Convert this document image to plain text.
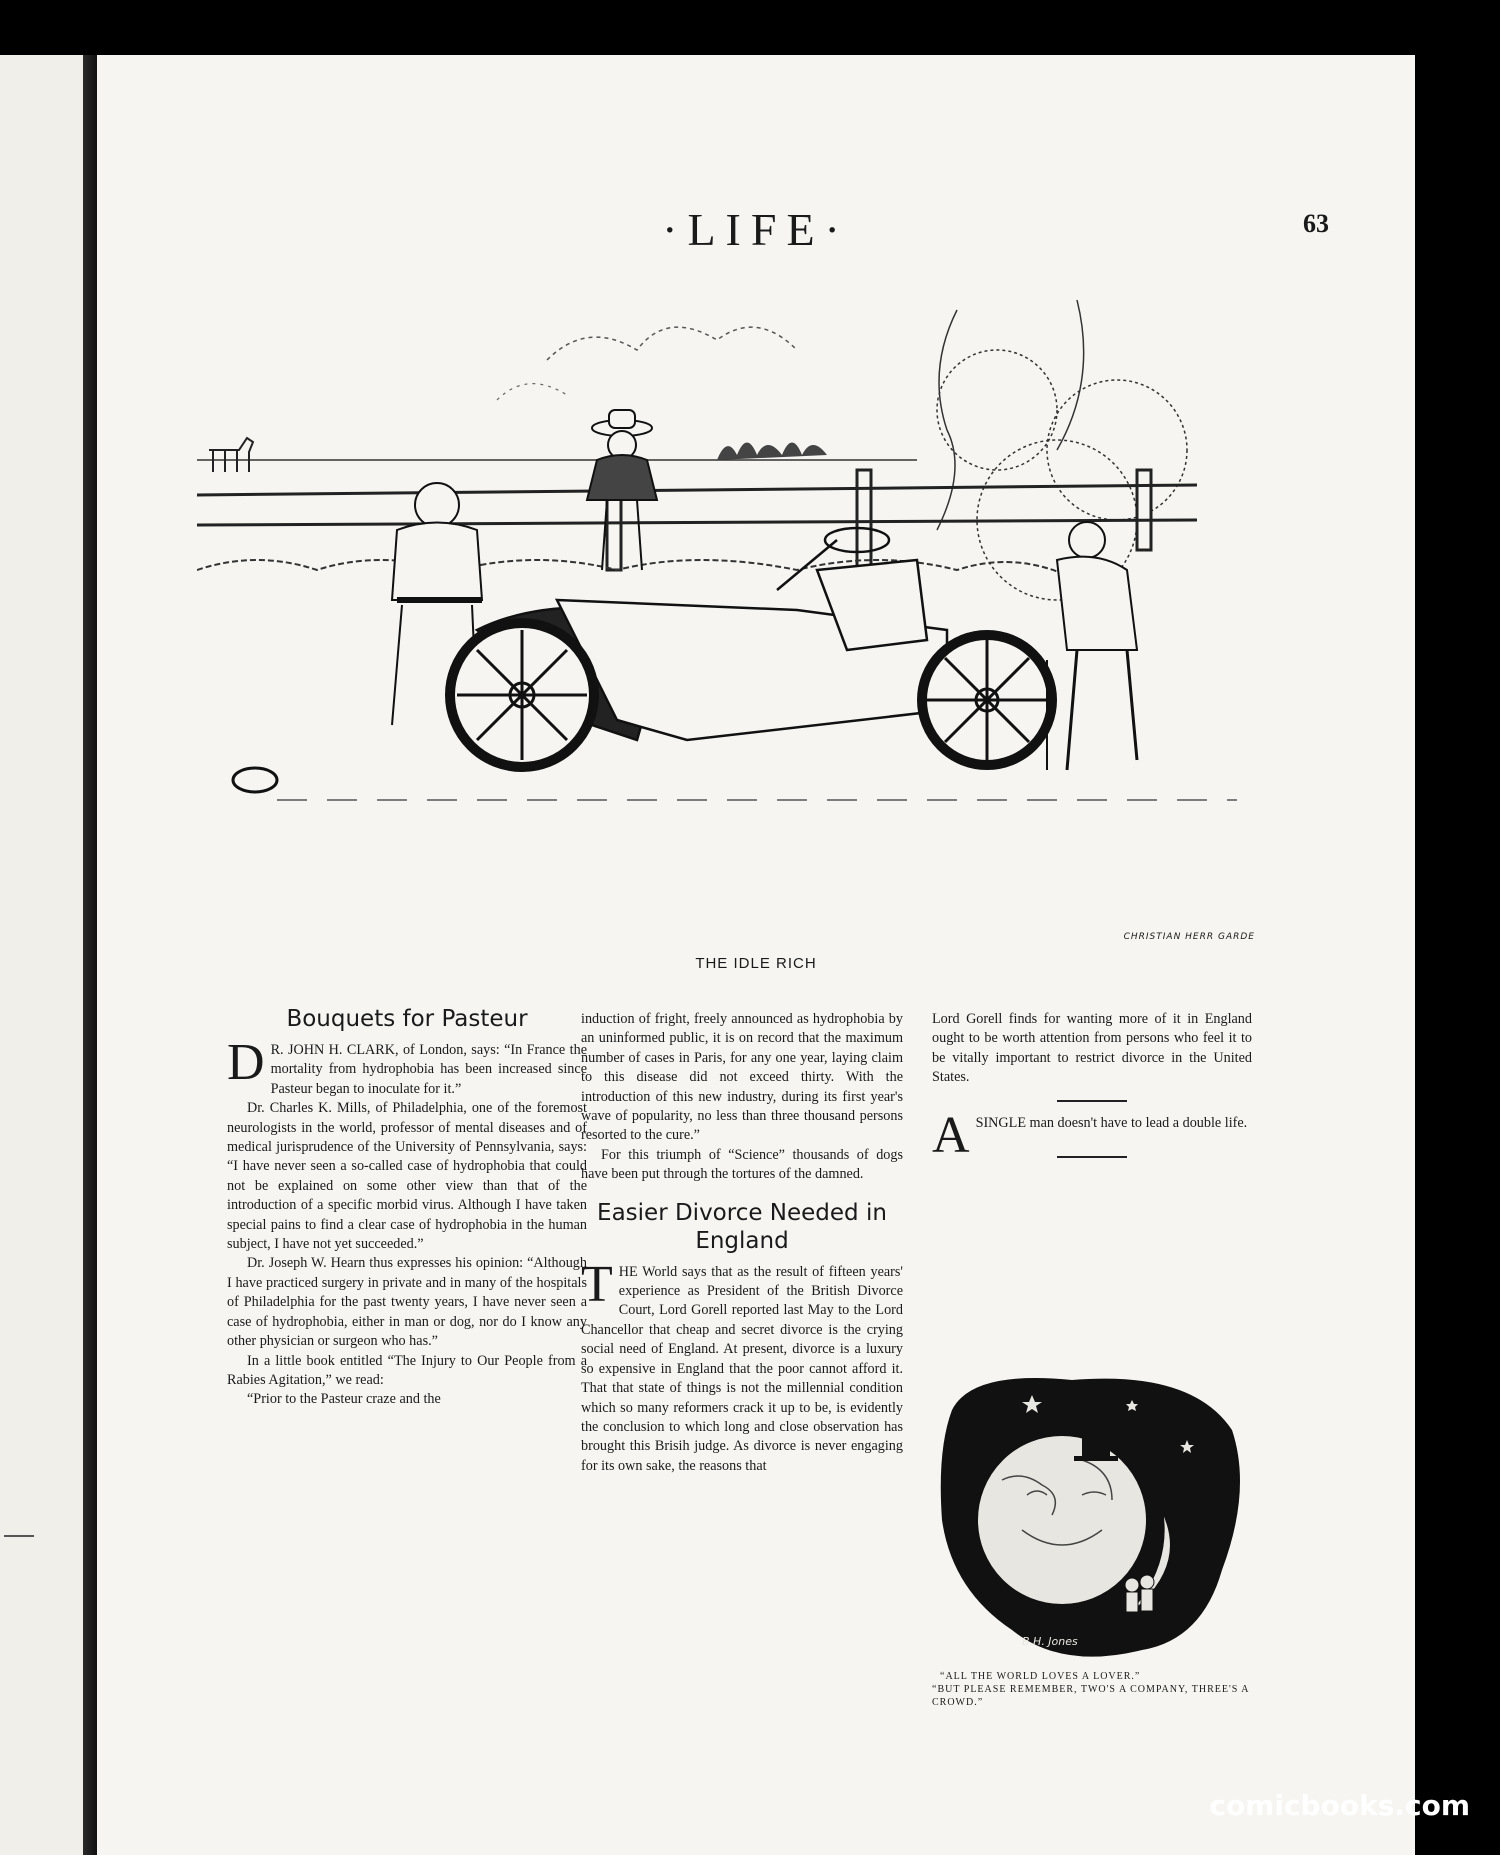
·LIFE·	63
CHRISTIAN HERR GARDE
THE IDLE RICH
Bouquets for Pasteur

D R. JOHN H. CLARK, of London, says: “In France the mortality from hydrophobia has been increased since Pasteur began to inoculate for it.”

Dr. Charles K. Mills, of Philadelphia, one of the foremost neurologists in the world, professor of mental diseases and of medical jurisprudence of the University of Pennsylvania, says: “I have never seen a so-called case of hydrophobia that could not be explained on some other view than that of the introduction of a specific morbid virus. Although I have taken special pains to find a clear case of hydrophobia in the human subject, I have not yet succeeded.”

Dr. Joseph W. Hearn thus expresses his opinion: “Although I have practiced surgery in private and in many of the hospitals of Philadelphia for the past twenty years, I have never seen a case of hydrophobia, either in man or dog, nor do I know any other physician or surgeon who has.”

In a little book entitled “The Injury to Our People from a Rabies Agitation,” we read:

“Prior to the Pasteur craze and the

induction of fright, freely announced as hydrophobia by an uninformed public, it is on record that the maximum number of cases in Paris, for any one year, laying claim to this disease did not exceed thirty. With the introduction of this new industry, during its first year's wave of popularity, no less than three thousand persons resorted to the cure.”

For this triumph of “Science” thousands of dogs have been put through the tortures of the damned.

Easier Divorce Needed in England

THE World says that as the result of fifteen years' experience as President of the British Divorce Court, Lord Gorell reported last May to the Lord Chancellor that cheap and secret divorce is the crying social need of England. At present, divorce is a luxury so expensive in England that the poor cannot afford it. That that state of things is not the millennial condition which so many reformers crack it up to be, is evidently the conclusion to which long and close observation has brought this Brisih judge. As divorce is never engaging for its own sake, the reasons that

Lord Gorell finds for wanting more of it in England ought to be worth attention from persons who feel it to be vitally important to restrict divorce in the United States.

ASINGLE man doesn't have to lead a double life.

B.H. Jones
“ALL THE WORLD LOVES A LOVER.”
“BUT PLEASE REMEMBER, TWO'S A COMPANY, THREE'S A CROWD.”
comicbooks.com
